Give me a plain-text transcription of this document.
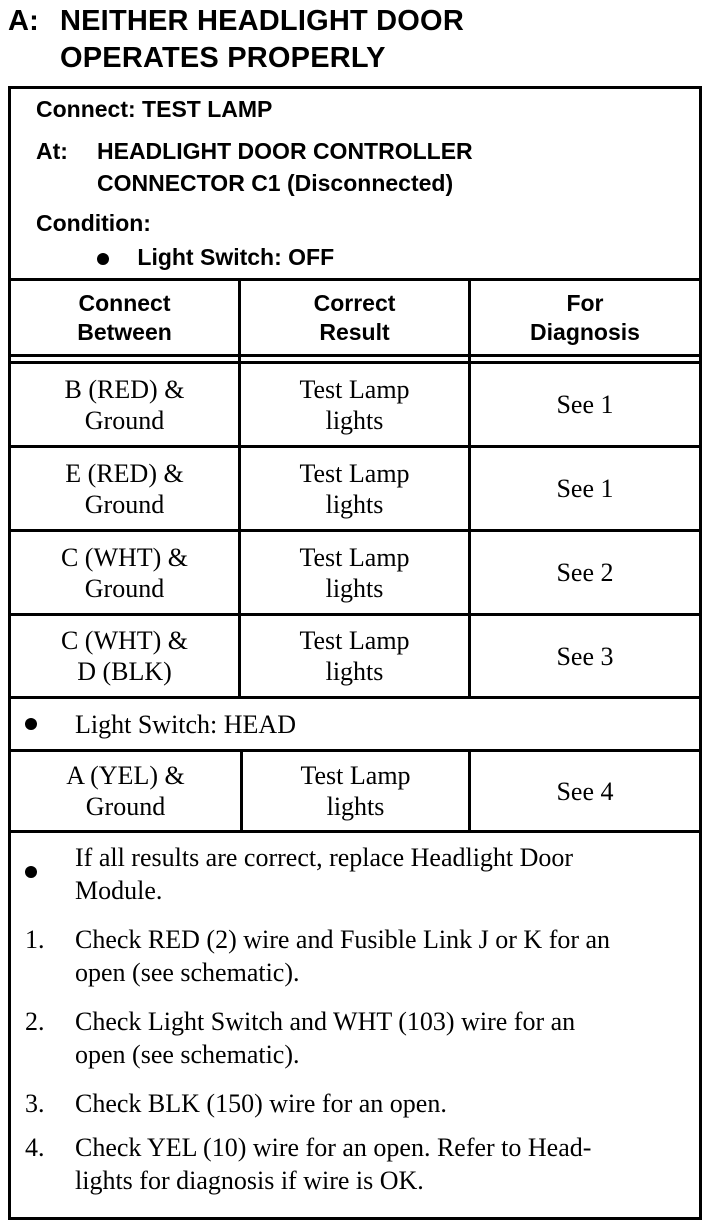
A: NEITHER HEADLIGHT DOOR
OPERATES PROPERLY
Connect: TEST LAMP
At: HEADLIGHT DOOR CONTROLLER
CONNECTOR C1 (Disconnected)
Condition:
Light Switch: OFF
Connect
Between
Correct
Result
For
Diagnosis
B (RED) &
Ground
Test Lamp
lights
See 1
E (RED) &
Ground
Test Lamp
lights
See 1
C (WHT) &
Ground
Test Lamp
lights
See 2
C (WHT) &
D (BLK)
Test Lamp
lights
See 3
Light Switch: HEAD
A (YEL) &
Ground
Test Lamp
lights
See 4
If all results are correct, replace Headlight Door
Module.
1. Check RED (2) wire and Fusible Link J or K for an
open (see schematic).
2. Check Light Switch and WHT (103) wire for an
open (see schematic).
3. Check BLK (150) wire for an open.
4. Check YEL (10) wire for an open. Refer to Head-
lights for diagnosis if wire is OK.
